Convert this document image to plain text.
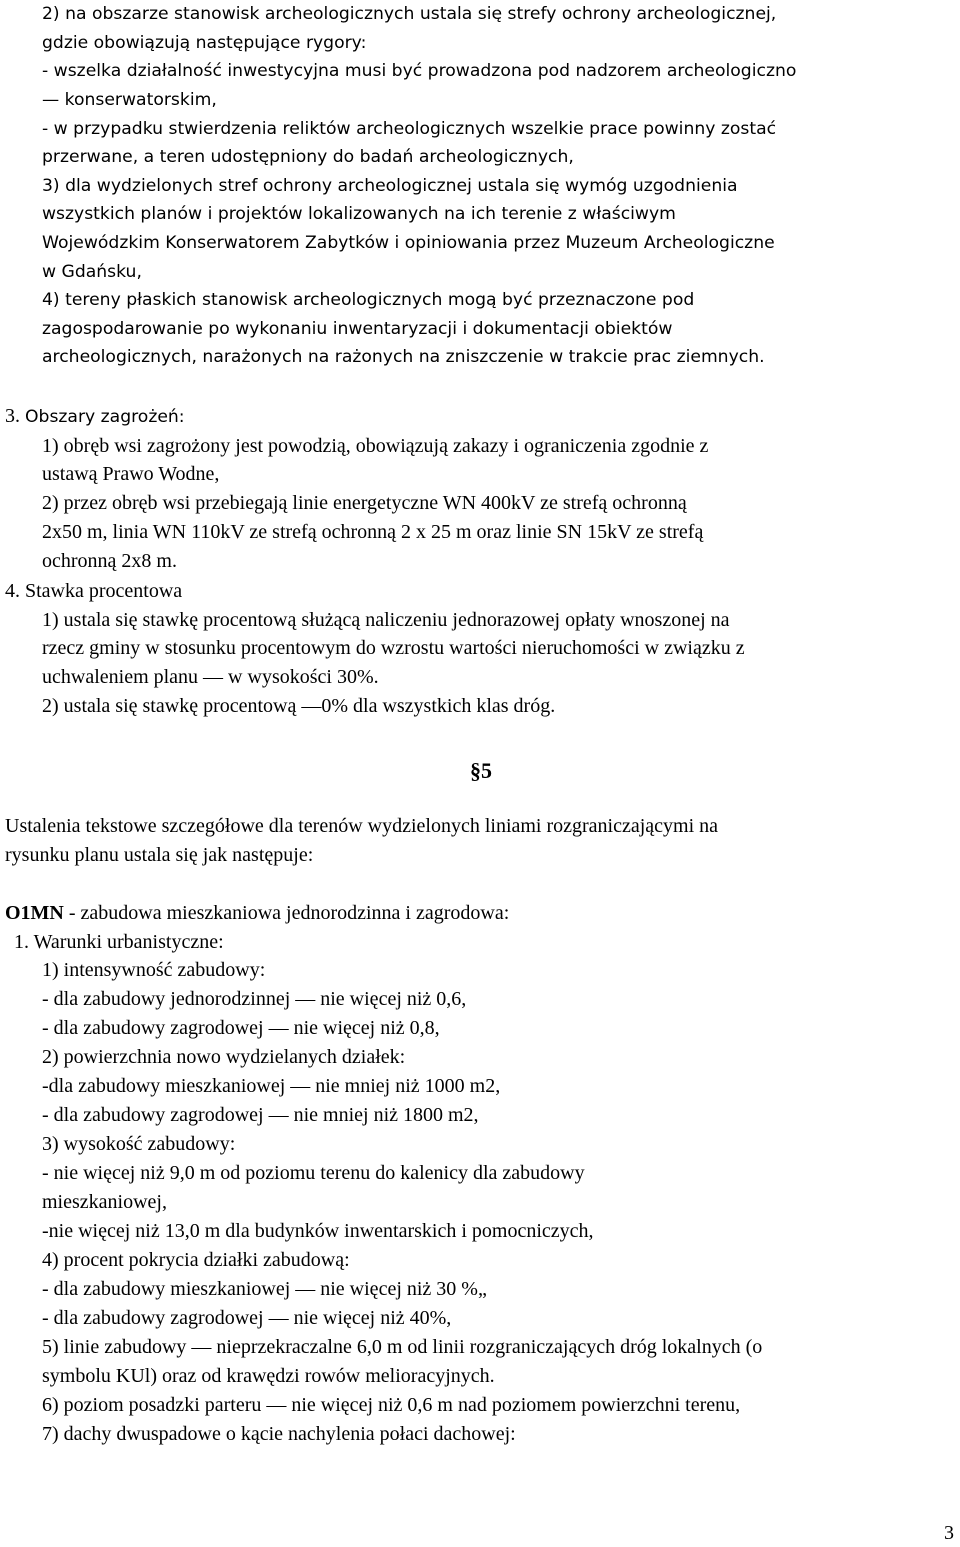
2) na obszarze stanowisk archeologicznych ustala się strefy ochrony archeologicznej,
gdzie obowiązują następujące rygory:
- wszelka działalność inwestycyjna musi być prowadzona pod nadzorem archeologiczno
— konserwatorskim,
- w przypadku stwierdzenia reliktów archeologicznych wszelkie prace powinny zostać
przerwane, a teren udostępniony do badań archeologicznych,
3) dla wydzielonych stref ochrony archeologicznej ustala się wymóg uzgodnienia
wszystkich planów i projektów lokalizowanych na ich terenie z właściwym
Wojewódzkim Konserwatorem Zabytków i opiniowania przez Muzeum Archeologiczne
w Gdańsku,
4) tereny płaskich stanowisk archeologicznych mogą być przeznaczone pod
zagospodarowanie po wykonaniu inwentaryzacji i dokumentacji obiektów
archeologicznych, narażonych na rażonych na zniszczenie w trakcie prac ziemnych.
3. Obszary zagrożeń:
1) obręb wsi zagrożony jest powodzią, obowiązują zakazy i ograniczenia zgodnie z
ustawą Prawo Wodne,
2) przez obręb wsi przebiegają linie energetyczne WN 400kV ze strefą ochronną
2x50 m, linia WN 110kV ze strefą ochronną 2 x 25 m oraz linie SN 15kV ze strefą
ochronną 2x8 m.
4. Stawka procentowa
1) ustala się stawkę procentową służącą naliczeniu jednorazowej opłaty wnoszonej na
rzecz gminy w stosunku procentowym do wzrostu wartości nieruchomości w związku z
uchwaleniem planu — w wysokości 30%.
2) ustala się stawkę procentową —0% dla wszystkich klas dróg.
§5
Ustalenia tekstowe szczegółowe dla terenów wydzielonych liniami rozgraniczającymi na
rysunku planu ustala się jak następuje:
O1MN - zabudowa mieszkaniowa jednorodzinna i zagrodowa:
1. Warunki urbanistyczne:
1) intensywność zabudowy:
- dla zabudowy jednorodzinnej — nie więcej niż 0,6,
- dla zabudowy zagrodowej — nie więcej niż 0,8,
2) powierzchnia nowo wydzielanych działek:
-dla zabudowy mieszkaniowej — nie mniej niż 1000 m2,
- dla zabudowy zagrodowej — nie mniej niż 1800 m2,
3) wysokość zabudowy:
- nie więcej niż 9,0 m od poziomu terenu do kalenicy dla zabudowy
mieszkaniowej,
-nie więcej niż 13,0 m dla budynków inwentarskich i pomocniczych,
4) procent pokrycia działki zabudową:
- dla zabudowy mieszkaniowej — nie więcej niż 30 %„
- dla zabudowy zagrodowej — nie więcej niż 40%,
5) linie zabudowy — nieprzekraczalne 6,0 m od linii rozgraniczających dróg lokalnych (o
symbolu KUl) oraz od krawędzi rowów melioracyjnych.
6) poziom posadzki parteru — nie więcej niż 0,6 m nad poziomem powierzchni terenu,
7) dachy dwuspadowe o kącie nachylenia połaci dachowej:
3
